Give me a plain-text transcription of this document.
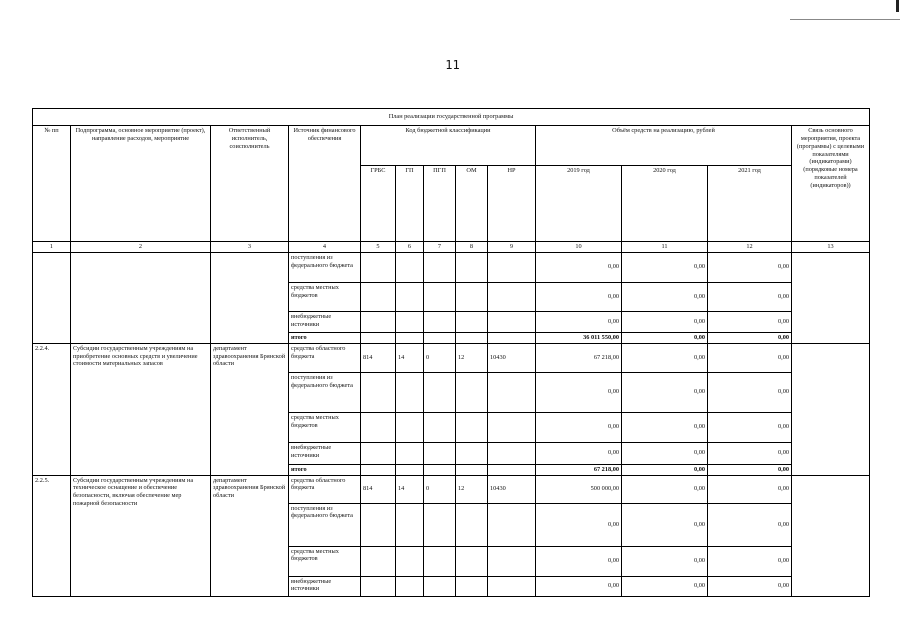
11
План реализации государственной программы												
№ пп	Подпрограмма, основное мероприятие (проект), направление расходов, мероприятие	Ответственный исполнитель, соисполнитель	Источник финансового обеспечения	Код бюджетной классификации					Объём средств на реализацию, рублей			Связь основного мероприятия, проекта (программы) с целевыми показателями (индикаторами) (порядковые номера показателей (индикаторов))
				ГРБС	ГП	ПГП	ОМ	НР	2019 год	2020 год	2021 год	
1	2	3	4	5	6	7	8	9	10	11	12	13
			поступления из федерального бюджета						0,00	0,00	0,00	
			средства местных бюджетов						0,00	0,00	0,00	
			внебюджетные источники						0,00	0,00	0,00	
			итого						36 011 550,00	0,00	0,00	
2.2.4.	Субсидии государственным учреждениям на приобретение основных средств и увеличение стоимости материальных запасов	департамент здравоохранения Брянской области	средства областного бюджета	814	14	0	12	10430	67 218,00	0,00	0,00	
			поступления из федерального бюджета						0,00	0,00	0,00	
			средства местных бюджетов						0,00	0,00	0,00	
			внебюджетные источники						0,00	0,00	0,00	
			итого						67 218,00	0,00	0,00	
2.2.5.	Субсидии государственным учреждениям на техническое оснащение и обеспечение безопасности, включая обеспечение мер пожарной безопасности	департамент здравоохранения Брянской области	средства областного бюджета	814	14	0	12	10430	500 000,00	0,00	0,00	
			поступления из федерального бюджета						0,00	0,00	0,00	
			средства местных бюджетов						0,00	0,00	0,00	
			внебюджетные источники						0,00	0,00	0,00	
